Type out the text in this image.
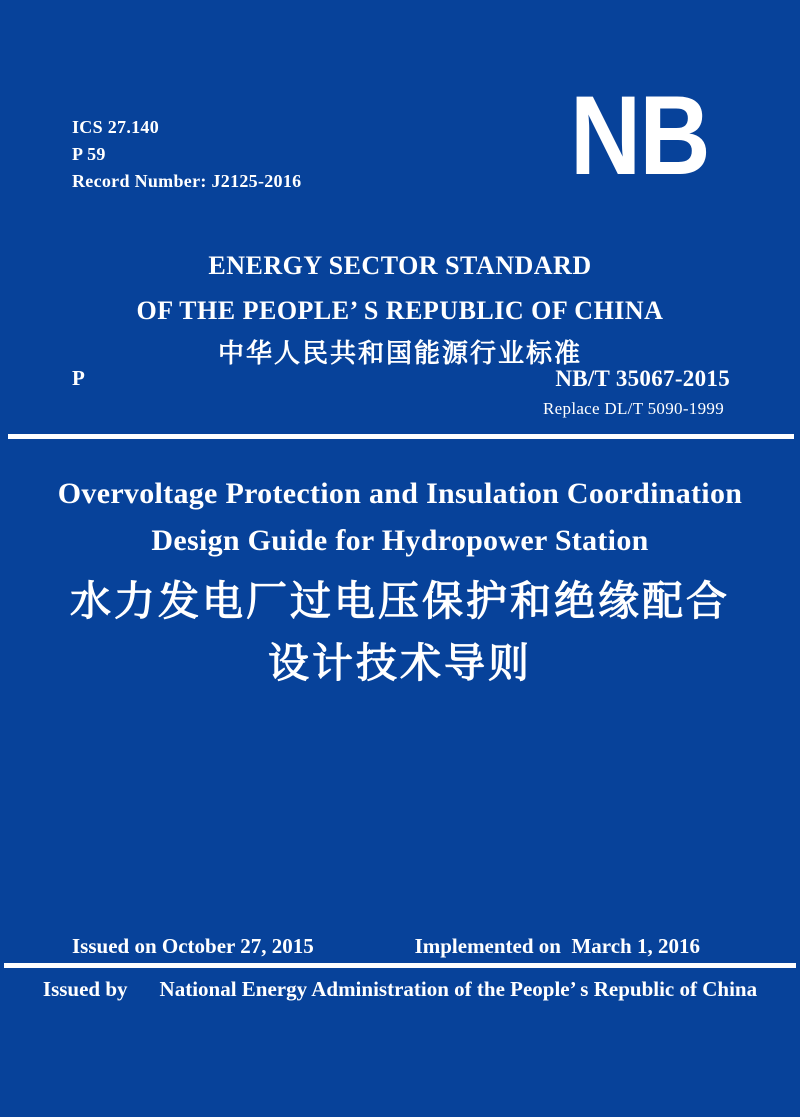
ICS 27.140
P 59
Record Number: J2125-2016 NB
ENERGY SECTOR STANDARD
OF THE PEOPLE’ S REPUBLIC OF CHINA
中华人民共和国能源行业标准
P	NB/T 35067-2015
Replace DL/T 5090-1999
Overvoltage Protection and Insulation Coordination
Design Guide for Hydropower Station
水力发电厂过电压保护和绝缘配合
设计技术导则
Issued on October 27, 2015	Implemented on  March 1, 2016
Issued by National Energy Administration of the People’ s Republic of China
